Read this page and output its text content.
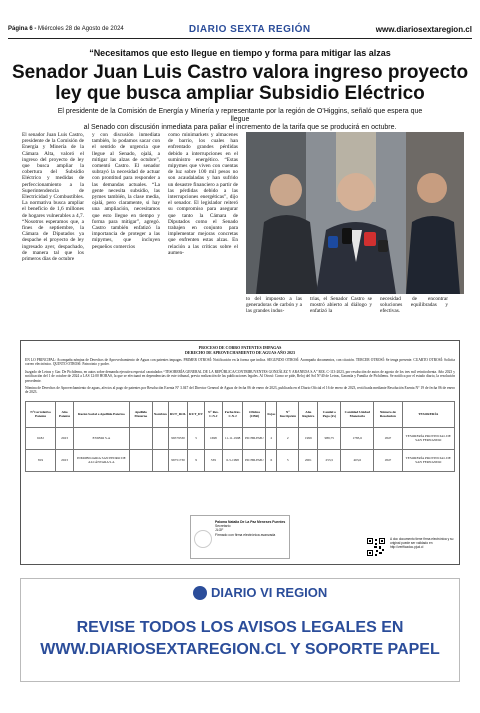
Página 6 - Miércoles 28 de Agosto de 2024	DIARIO SEXTA REGIÓN	www.diariosextaregion.cl
“Necesitamos que esto llegue en tiempo y forma para mitigar las alzas
Senador Juan Luis Castro valora ingreso proyecto
ley que busca ampliar Subsidio Eléctrico
El presidente de la Comisión de Energía y Minería y representante por la región de O’Higgins, señaló que espera que llegue
al Senado con discusión inmediata para paliar el incremento de la tarifa que se producirá en octubre.
El senador Juan Luis Castro, presidente de la Comisión de Energía y Minería de la Cámara Alta, valoró el ingreso del proyecto de ley que busca ampliar la cobertura del Subsidio Eléctrico y medidas de perfeccionamiento a la Superintendencia de Electricidad y Combustibles. La normativa busca ampliar el beneficio de 1,6 millones de hogares vulnerables a 4,7. “Nosotros esperamos que, a fines de septiembre, la Cámara de Diputados ya despache el proyecto de ley ingresado ayer, despachado, de manera tal que los primeros días de octubre
y con discusión inmediata también, lo podamos sacar con el sentido de urgencia que llegue al Senado, ojalá, a mitigar las alzas de octubre”, comentó Castro. El senador subrayó la necesidad de actuar con prontitud para responder a las demandas actuales. “La gente necesita subsidio, las pymes también, la clase media, ojalá, pero claramente, si hay una ampliación, necesitamos que esto llegue en tiempo y forma para mitigar”, agregó. Castro también enfatizó la importancia de proteger a las mipymes, que incluyen pequeños comercios
como minimarkets y almacenes de barrio, los cuales han enfrentado grandes pérdidas debido a interrupciones en el suministro energético. “Estas mipymes que viven con cuentas de luz sobre 100 mil pesos no son acaudaladas y han sufrido un desastre financiero a partir de las pérdidas debido a las interrupciones energéticas”, dijo el senador. El legislador reiteró su compromiso para asegurar que tanto la Cámara de Diputados como el Senado trabajen en conjunto para implementar mejoras concretas que enfrenten estas alzas. En relación a las críticas sobre el aumen-
to del impuesto a las generadoras de carbón y a las grandes indus-
trias, el Senador Castro se mostró abierto al diálogo y enfatizó la
necesidad de encontrar soluciones equilibradas y efectivas.
PROCESO DE COBRO PATENTES IMPAGAS
DERECHO DE APROVECHAMIENTO DE AGUAS AÑO 2023
EN LO PRINCIPAL: Acompaña nómina de Derechos de Aprovechamiento de Aguas con patentes impagas. PRIMER OTROSÍ: Notificación en la forma que indica. SEGUNDO OTROSÍ: Acompaña documentos, con citación. TERCER OTROSÍ: Se tenga presente. CUARTO OTROSÍ: Solicita correo electrónico. QUINTO OTROSÍ: Patrocinio y poder.
Juzgado de Letras y Gar. De Pichilemu, en autos sobre demanda ejecutiva especial caratulados “TESORERÍA GENERAL DE LA REPÚBLICA/CONTRIBUYENTES GONZÁLEZ Y ARANEDA S.A” ROL C-113-2023, por resolución de autos de agosto de los tres mil veintiochenta. Año 2023 y notificación del 1 de octubre de 2024 a LAS 12:00 HORAS, la que se efectuará en dependencias de este tribunal, previa realización de las publicaciones legales. Al Otrosí: Como se pide, Reloj del Sol N°40 de Letras, Garantía y Familia de Pichilemu. Se notifica por el estado diario, la resolución precedente.
Nómina de Derechos de Aprovechamiento de aguas, afectos al pago de patentes por Resolución Exenta N° 3.047 del Director General de Aguas de fecha 06 de enero de 2023, publicada en el Diario Oficial el 16 de enero de 2023, rectificada mediante Resolución Exenta N° 19 de fecha 06 de enero de 2023.
N°Correlativo Patente	Año Patente	Razón Social o Apellido Paterno	Apellido Materno	Nombres	RUT_ROL	RUT_DV	N° Res. C.N.J	Fecha Res. C.N.J	Oficina (CBR)	Fojas	N° Inscripción	Año Registro	Caudal o Pago (l/s)	Cantidad Unidad Monetaria	Número de Resolución	TESORERÍA
6182	2023	ESSBIO S.A			96579330	5	1698	11-11-1998	PICHILEMU	2	2	1999	989,75	1783,6	1847	TESORERÍA PROVINCIAL DE SAN FERNANDO
819	2023	INMOBILIARIA SAN PEDRO DE ALCÁNTARA S.A			96751730	9	339	6-5-1998	PICHILEMU	6	5	2001	253,5	403,6	1847	TESORERÍA PROVINCIAL DE SAN FERNANDO
Paloma Natalia De La Paz Meneses Fuentes
Secretario
JLGF
Firmado con firma electrónica avanzada
A doc documento tiene firma electrónica y su original puede ser validado en http://verificadoc.pjud.cl
DIARIO VI REGION
REVISE TODOS LOS AVISOS LEGALES EN
WWW.DIARIOSEXTAREGION.CL Y SOPORTE PAPEL
